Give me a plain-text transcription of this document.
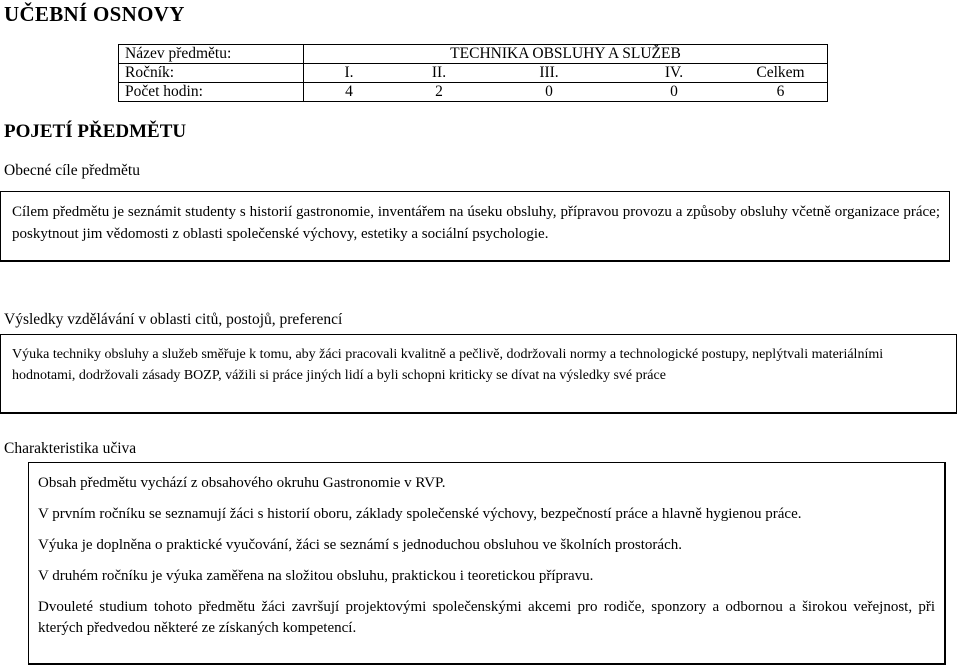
UČEBNÍ OSNOVY
Název předmětu:	TECHNIKA OBSLUHY A SLUŽEB				
Ročník:	I.	II.	III.	IV.	Celkem
Počet hodin:	4	2	0	0	6
POJETÍ PŘEDMĚTU
Obecné cíle předmětu
Cílem předmětu je seznámit studenty s historií gastronomie, inventářem na úseku obsluhy, přípravou provozu a způsoby obsluhy včetně organizace práce; poskytnout jim vědomosti z oblasti společenské výchovy, estetiky a sociální psychologie.
Výsledky vzdělávání v oblasti citů, postojů, preferencí
Výuka techniky obsluhy a služeb směřuje k tomu, aby žáci pracovali kvalitně a pečlivě, dodržovali normy a technologické postupy, neplýtvali materiálními hodnotami, dodržovali zásady BOZP, vážili si práce jiných lidí a byli schopni kriticky se dívat na výsledky své práce
Charakteristika učiva

Obsah předmětu vychází z obsahového okruhu Gastronomie v RVP.

V prvním ročníku se seznamují žáci s historií oboru, základy společenské výchovy, bezpečností práce a hlavně hygienou práce.

Výuka je doplněna o praktické vyučování, žáci se seznámí s jednoduchou obsluhou ve školních prostorách.

V druhém ročníku je výuka zaměřena na složitou obsluhu, praktickou i teoretickou přípravu.

Dvouleté studium tohoto předmětu žáci završují projektovými společenskými akcemi pro rodiče, sponzory a odbornou a širokou veřejnost, při kterých předvedou některé ze získaných kompetencí.
